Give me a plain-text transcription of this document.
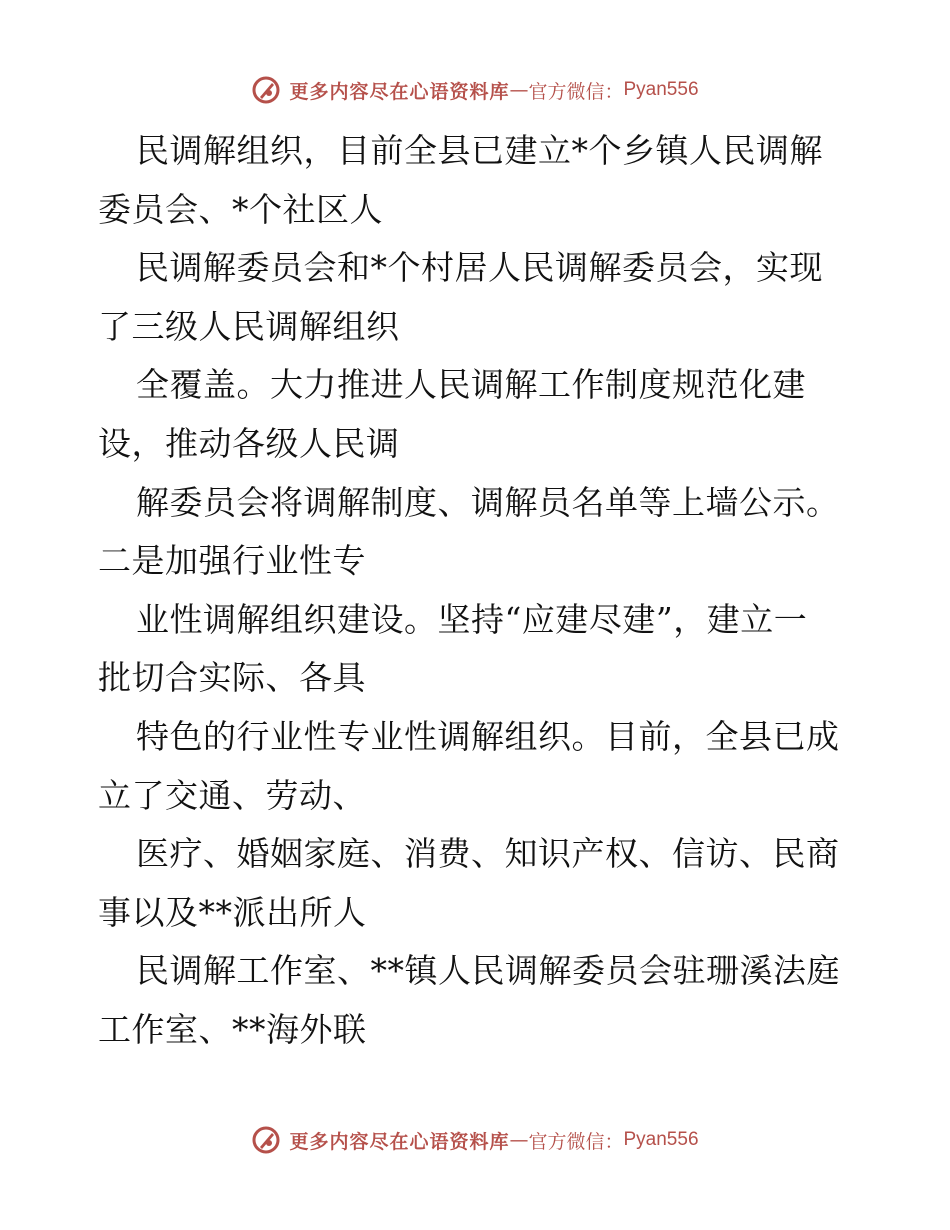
更多内容尽在心语资料库 — 官方微信： Pyan556
民调解组织，目前全县已建立*个乡镇人民调解
委员会、*个社区人
民调解委员会和*个村居人民调解委员会，实现
了三级人民调解组织
全覆盖。大力推进人民调解工作制度规范化建
设，推动各级人民调
解委员会将调解制度、调解员名单等上墙公示。
二是加强行业性专
业性调解组织建设。坚持“应建尽建”，建立一
批切合实际、各具
特色的行业性专业性调解组织。目前，全县已成
立了交通、劳动、
医疗、婚姻家庭、消费、知识产权、信访、民商
事以及**派出所人
民调解工作室、**镇人民调解委员会驻珊溪法庭
工作室、**海外联
更多内容尽在心语资料库 — 官方微信： Pyan556
